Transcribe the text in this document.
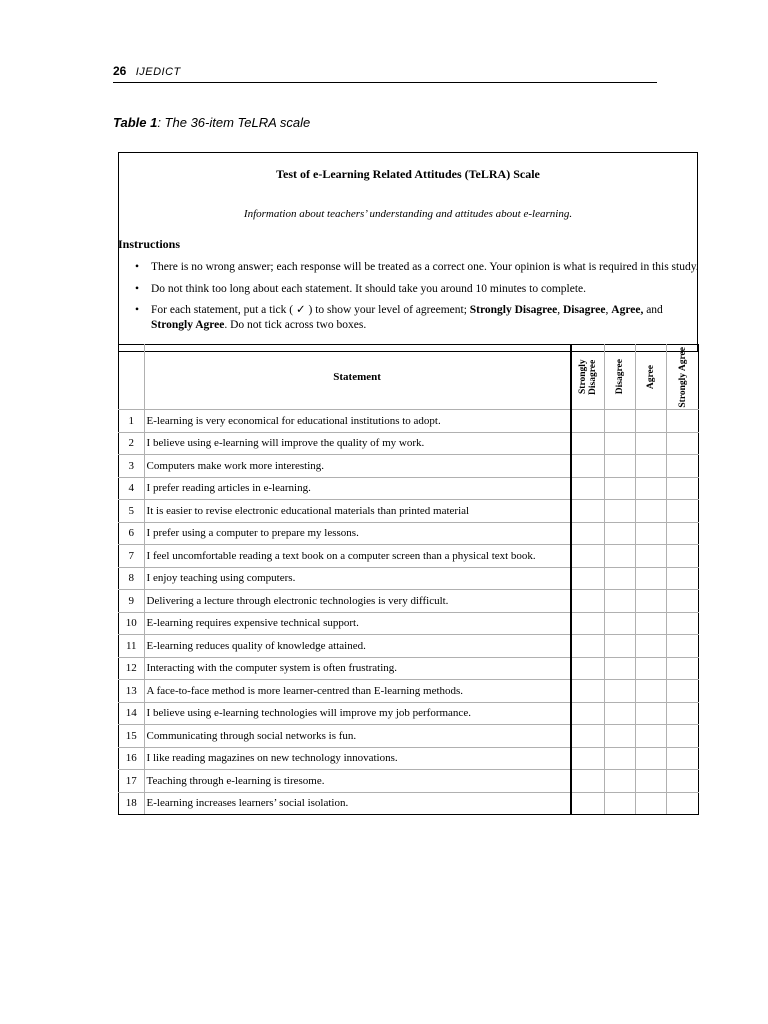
26 IJEDICT
Table 1: The 36-item TeLRA scale
Test of e-Learning Related Attitudes (TeLRA) Scale
Information about teachers’ understanding and attitudes about e-learning.
Instructions
• There is no wrong answer; each response will be treated as a correct one. Your opinion is what is required in this study.
• Do not think too long about each statement. It should take you around 10 minutes to complete.
• For each statement, put a tick ( ✓ ) to show your level of agreement; Strongly Disagree, Disagree, Agree, and Strongly Agree. Do not tick across two boxes.
	Statement	Strongly Disagree	Disagree	Agree	Strongly Agree

1	E-learning is very economical for educational institutions to adopt.				
2	I believe using e-learning will improve the quality of my work.				
3	Computers make work more interesting.				
4	I prefer reading articles in e-learning.				
5	It is easier to revise electronic educational materials than printed material				
6	I prefer using a computer to prepare my lessons.				
7	I feel uncomfortable reading a text book on a computer screen than a physical text book.				
8	I enjoy teaching using computers.				
9	Delivering a lecture through electronic technologies is very difficult.				
10	E-learning requires expensive technical support.				
11	E-learning reduces quality of knowledge attained.				
12	Interacting with the computer system is often frustrating.				
13	A face-to-face method is more learner-centred than E-learning methods.				
14	I believe using e-learning technologies will improve my job performance.				
15	Communicating through social networks is fun.				
16	I like reading magazines on new technology innovations.				
17	Teaching through e-learning is tiresome.				
18	E-learning increases learners’ social isolation.				
